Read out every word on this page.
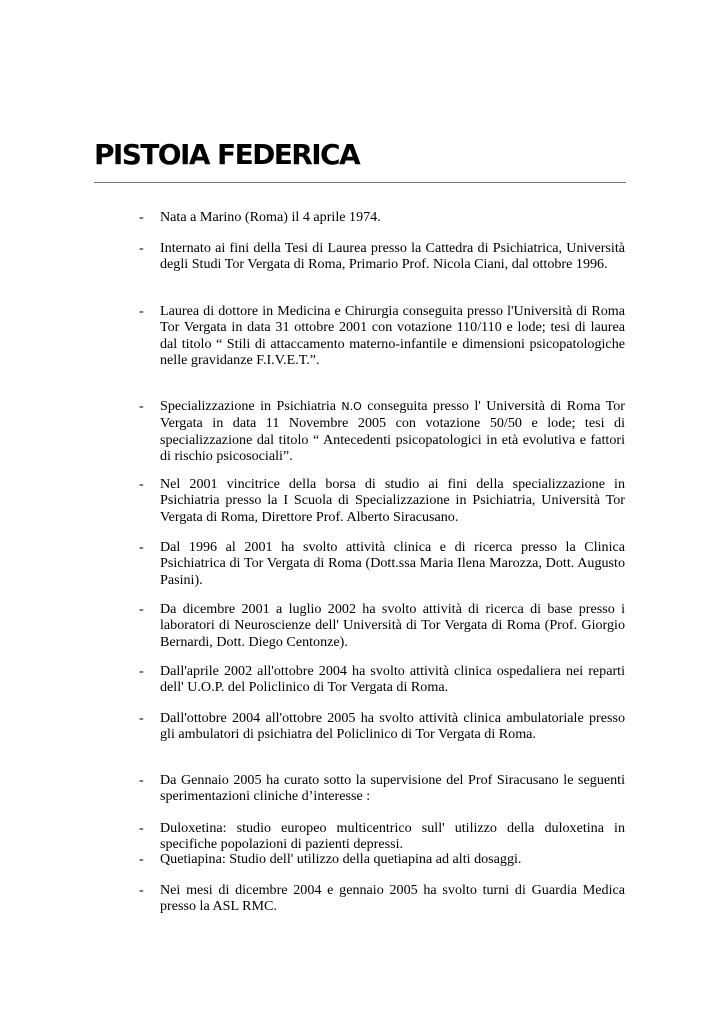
PISTOIA FEDERICA
- Nata a Marino (Roma) il 4 aprile 1974.
- Internato ai fini della Tesi di Laurea presso la Cattedra di Psichiatrica, Università degli Studi Tor Vergata di Roma, Primario Prof. Nicola Ciani, dal ottobre 1996.
- Laurea di dottore in Medicina e Chirurgia conseguita presso l'Università di Roma Tor Vergata in data 31 ottobre 2001 con votazione 110/110 e lode; tesi di laurea dal titolo “ Stili di attaccamento materno-infantile e dimensioni psicopatologiche nelle gravidanze F.I.V.E.T.”.
- Specializzazione in Psichiatria N.O conseguita presso l' Università di Roma Tor Vergata in data 11 Novembre 2005 con votazione 50/50 e lode; tesi di specializzazione dal titolo “ Antecedenti psicopatologici in età evolutiva e fattori di rischio psicosociali”.
- Nel 2001 vincitrice della borsa di studio ai fini della specializzazione in Psichiatria presso la I Scuola di Specializzazione in Psichiatria, Università Tor Vergata di Roma, Direttore Prof. Alberto Siracusano.
- Dal 1996 al 2001 ha svolto attività clinica e di ricerca presso la Clinica Psichiatrica di Tor Vergata di Roma (Dott.ssa Maria Ilena Marozza, Dott. Augusto Pasini).
- Da dicembre 2001 a luglio 2002 ha svolto attività di ricerca di base presso i laboratori di Neuroscienze dell' Università di Tor Vergata di Roma (Prof. Giorgio Bernardi, Dott. Diego Centonze).
- Dall'aprile 2002 all'ottobre 2004 ha svolto attività clinica ospedaliera nei reparti dell' U.O.P. del Policlinico di Tor Vergata di Roma.
- Dall'ottobre 2004 all'ottobre 2005 ha svolto attività clinica ambulatoriale presso gli ambulatori di psichiatra del Policlinico di Tor Vergata di Roma.
- Da Gennaio 2005 ha curato sotto la supervisione del Prof Siracusano le seguenti sperimentazioni cliniche d’interesse :
- Duloxetina: studio europeo multicentrico sull' utilizzo della duloxetina in specifiche popolazioni di pazienti depressi.
- Quetiapina: Studio dell' utilizzo della quetiapina ad alti dosaggi.
- Nei mesi di dicembre 2004 e gennaio 2005 ha svolto turni di Guardia Medica presso la ASL RMC.
